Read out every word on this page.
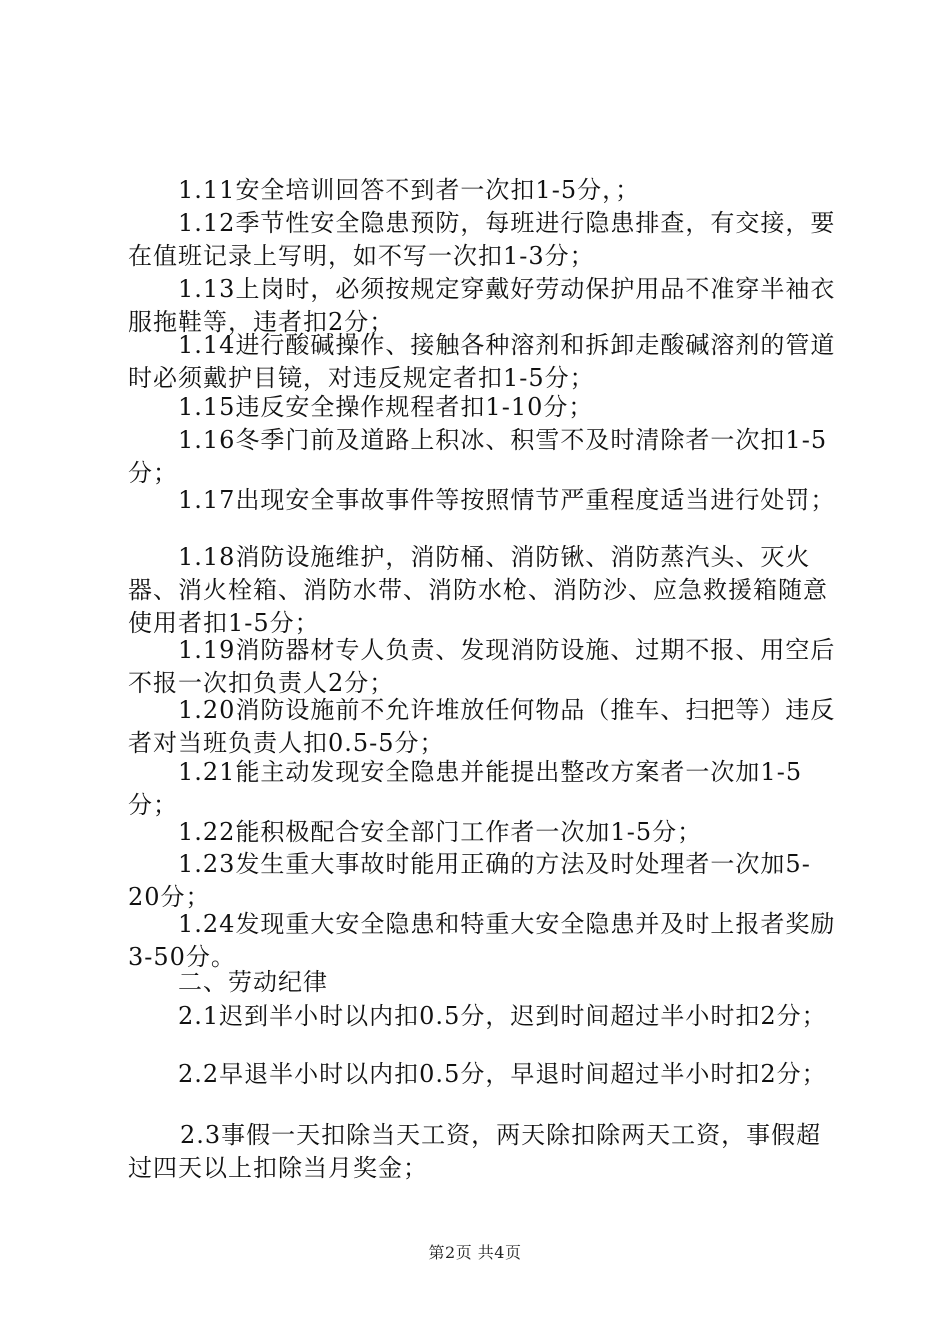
1.11安全培训回答不到者一次扣1-5分，；

1.12季节性安全隐患预防，每班进行隐患排查，有交接，要在值班记录上写明，如不写一次扣1-3分；

1.13上岗时，必须按规定穿戴好劳动保护用品不准穿半袖衣服拖鞋等，违者扣2分；

1.14进行酸碱操作、接触各种溶剂和拆卸走酸碱溶剂的管道时必须戴护目镜，对违反规定者扣1-5分；

1.15违反安全操作规程者扣1-10分；

1.16冬季门前及道路上积冰、积雪不及时清除者一次扣1-5分；

1.17出现安全事故事件等按照情节严重程度适当进行处罚；

1.18消防设施维护，消防桶、消防锹、消防蒸汽头、灭火器、消火栓箱、消防水带、消防水枪、消防沙、应急救援箱随意使用者扣1-5分；

1.19消防器材专人负责、发现消防设施、过期不报、用空后不报一次扣负责人2分；

1.20消防设施前不允许堆放任何物品（推车、扫把等）违反者对当班负责人扣0.5-5分；

1.21能主动发现安全隐患并能提出整改方案者一次加1-5分；

1.22能积极配合安全部门工作者一次加1-5分；

1.23发生重大事故时能用正确的方法及时处理者一次加5-20分；

1.24发现重大安全隐患和特重大安全隐患并及时上报者奖励3-50分。

二、劳动纪律

2.1迟到半小时以内扣0.5分，迟到时间超过半小时扣2分；

2.2早退半小时以内扣0.5分，早退时间超过半小时扣2分；

2.3事假一天扣除当天工资，两天除扣除两天工资，事假超过四天以上扣除当月奖金；

第2页 共4页
